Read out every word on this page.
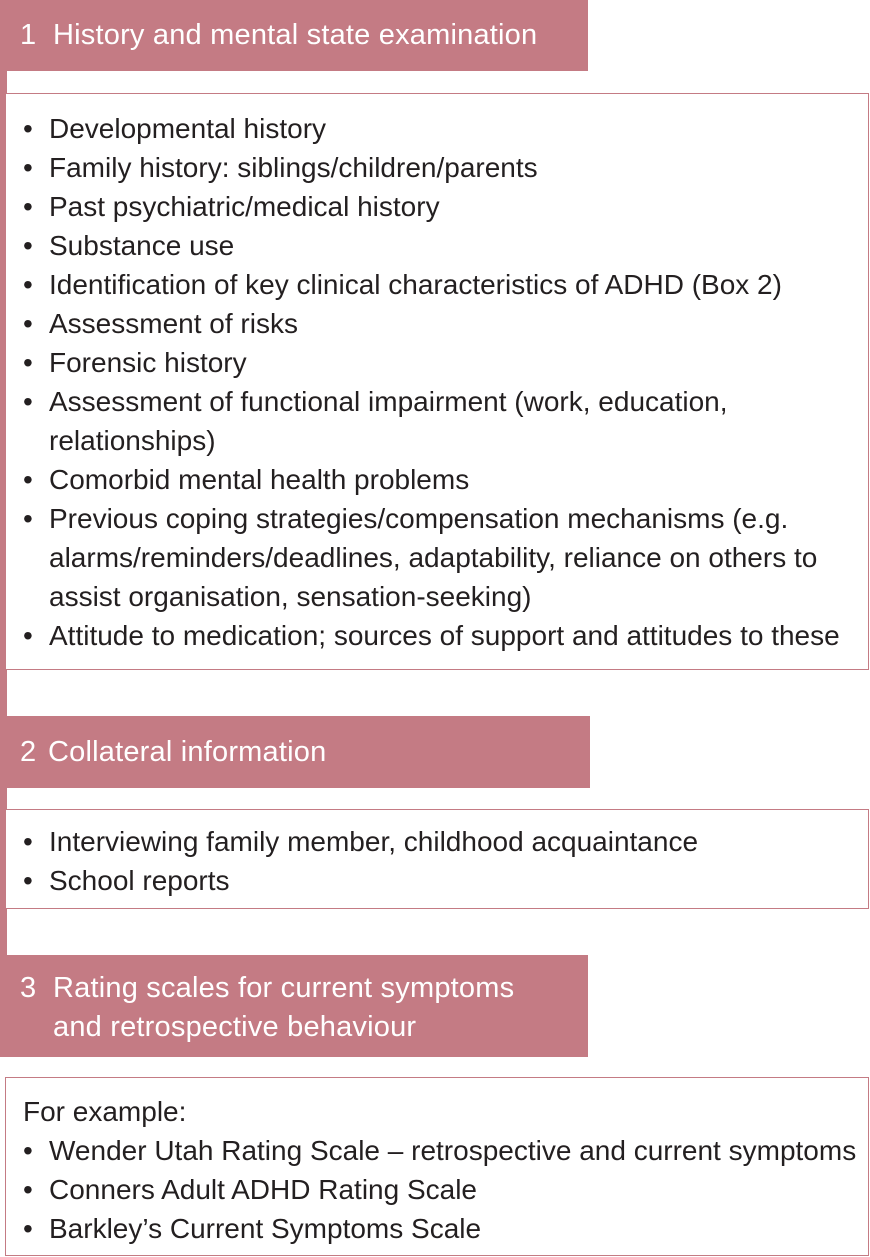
1 History and mental state examination
• Developmental history
• Family history: siblings/children/parents
• Past psychiatric/medical history
• Substance use
• Identification of key clinical characteristics of ADHD (Box 2)
• Assessment of risks
• Forensic history
• Assessment of functional impairment (work, education,
relationships)
• Comorbid mental health problems
• Previous coping strategies/compensation mechanisms (e.g.
alarms/reminders/deadlines, adaptability, reliance on others to
assist organisation, sensation-seeking)
• Attitude to medication; sources of support and attitudes to these
2 Collateral information
• Interviewing family member, childhood acquaintance
• School reports
3 Rating scales for current symptoms
and retrospective behaviour
For example:
• Wender Utah Rating Scale – retrospective and current symptoms
• Conners Adult ADHD Rating Scale
• Barkley’s Current Symptoms Scale
